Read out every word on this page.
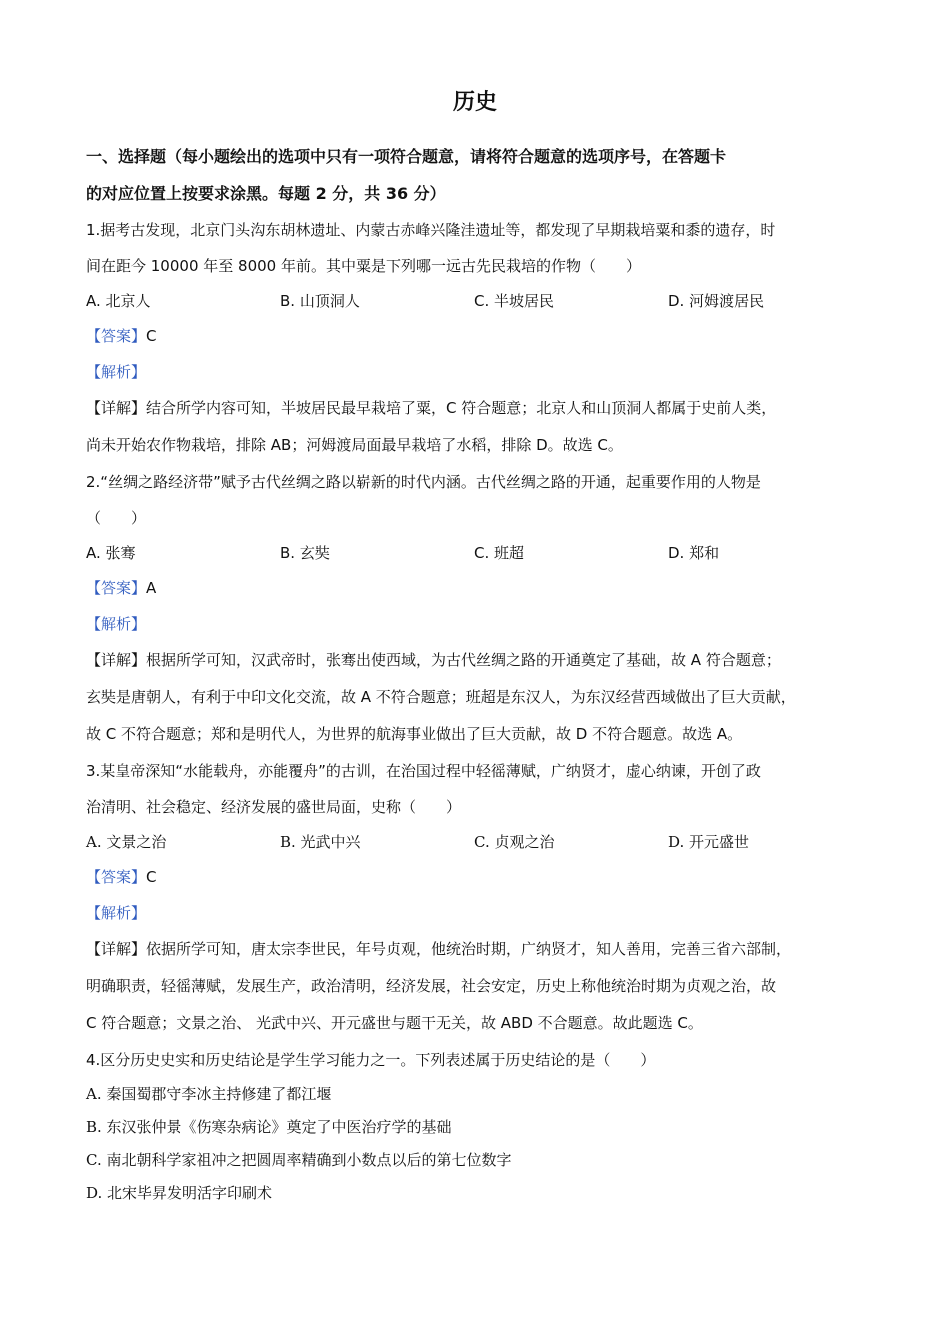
历史

一、选择题（每小题绘出的选项中只有一项符合题意，请将符合题意的选项序号，在答题卡

的对应位置上按要求涂黑。每题 2 分，共 36 分）

1.据考古发现，北京门头沟东胡林遗址、内蒙古赤峰兴隆洼遗址等，都发现了早期栽培粟和黍的遗存，时

间在距今 10000 年至 8000 年前。其中粟是下列哪一远古先民栽培的作物（　　）

A. 北京人	B. 山顶洞人	C. 半坡居民	D. 河姆渡居民

【答案】C

【解析】

【详解】结合所学内容可知，半坡居民最早栽培了粟，C 符合题意；北京人和山顶洞人都属于史前人类，

尚未开始农作物栽培，排除 AB；河姆渡局面最早栽培了水稻，排除 D。故选 C。

2.“丝绸之路经济带”赋予古代丝绸之路以崭新的时代内涵。古代丝绸之路的开通，起重要作用的人物是

（　　）

A. 张骞	B. 玄奘	C. 班超	D. 郑和

【答案】A

【解析】

【详解】根据所学可知，汉武帝时，张骞出使西域，为古代丝绸之路的开通奠定了基础，故 A 符合题意；

玄奘是唐朝人，有利于中印文化交流，故 A 不符合题意；班超是东汉人，为东汉经营西域做出了巨大贡献，

故 C 不符合题意；郑和是明代人，为世界的航海事业做出了巨大贡献，故 D 不符合题意。故选 A。

3.某皇帝深知“水能载舟，亦能覆舟”的古训，在治国过程中轻徭薄赋，广纳贤才，虚心纳谏，开创了政

治清明、社会稳定、经济发展的盛世局面，史称（　　）

A. 文景之治	B. 光武中兴	C. 贞观之治	D. 开元盛世

【答案】C

【解析】

【详解】依据所学可知，唐太宗李世民，年号贞观，他统治时期，广纳贤才，知人善用，完善三省六部制，

明确职责，轻徭薄赋，发展生产，政治清明，经济发展，社会安定，历史上称他统治时期为贞观之治，故

C 符合题意；文景之治、 光武中兴、开元盛世与题干无关，故 ABD 不合题意。故此题选 C。

4.区分历史史实和历史结论是学生学习能力之一。下列表述属于历史结论的是（　　）

A. 秦国蜀郡守李冰主持修建了都江堰
B. 东汉张仲景《伤寒杂病论》奠定了中医治疗学的基础
C. 南北朝科学家祖冲之把圆周率精确到小数点以后的第七位数字
D. 北宋毕昇发明活字印刷术
